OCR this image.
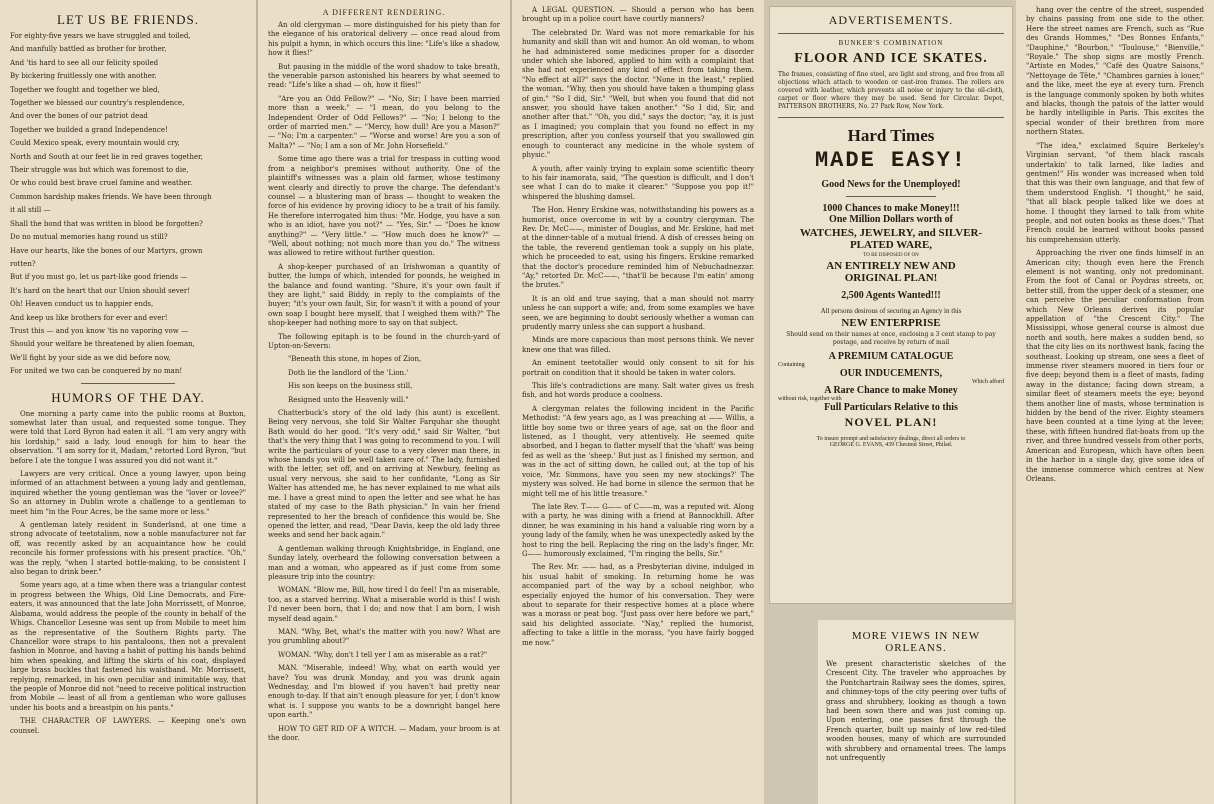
LET US BE FRIENDS.

For eighty-five years we have struggled and toiled,

And manfully battled as brother for brother,

And 'tis hard to see all our felicity spoiled

By bickering fruitlessly one with another.

Together we fought and together we bled,

Together we blessed our country's resplendence,

And over the bones of our patriot dead

Together we builded a grand Independence!

Could Mexico speak, every mountain would cry,

North and South at our feet lie in red graves together,

Their struggle was but which was foremost to die,

Or who could best brave cruel famine and weather.

Common hardship makes friends. We have been through

it all still —

Shall the bond that was written in blood be forgotten?

Do no mutual memories hang round us still?

Have our hearts, like the bones of our Martyrs, grown

rotten?

But if you must go, let us part-like good friends —

It's hard on the heart that our Union should sever!

Oh! Heaven conduct us to happier ends,

And keep us like brothers for ever and ever!

Trust this — and you know 'tis no vaporing vow —

Should your welfare be threatened by alien foeman,

We'll fight by your side as we did before now,

For united we two can be conquered by no man!

HUMORS OF THE DAY.

One morning a party came into the public rooms at Buxton, somewhat later than usual, and requested some tongue. They were told that Lord Byron had eaten it all. "I am very angry with his lordship," said a lady, loud enough for him to hear the observation. "I am sorry for it, Madam," retorted Lord Byron, "but before I ate the tongue I was assured you did not want it."

Lawyers are very critical. Once a young lawyer, upon being informed of an attachment between a young lady and gentleman, inquired whether the young gentleman was the "lover or lovee?" So an attorney in Dublin wrote a challenge to a gentleman to meet him "in the Four Acres, be the same more or less."

A gentleman lately resident in Sunderland, at one time a strong advocate of teetotalism, now a noble manufacturer not far off, was recently asked by an acquaintance how he could reconcile his former professions with his present practice. "Oh," was the reply, "when I started bottle-making, to be consistent I also began to drink beer."

Some years ago, at a time when there was a triangular contest in progress between the Whigs, Old Line Democrats, and Fire-eaters, it was announced that the late John Morrissett, of Monroe, Alabama, would address the people of the county in behalf of the Whigs. Chancellor Lesesne was sent up from Mobile to meet him as the representative of the Southern Rights party. The Chancellor wore straps to his pantaloons, then not a prevalent fashion in Monroe, and having a habit of putting his hands behind him when speaking, and lifting the skirts of his coat, displayed large brass buckles that fastened his waistband. Mr. Morrissett, replying, remarked, in his own peculiar and inimitable way, that the people of Monroe did not "need to receive political instruction from Mobile — least of all from a gentleman who wore galluses under his boots and a breastpin on his pants."

THE CHARACTER OF LAWYERS. — Keeping one's own counsel.

A DIFFERENT RENDERING.

An old clergyman — more distinguished for his piety than for the elegance of his oratorical delivery — once read aloud from his pulpit a hymn, in which occurs this line: "Life's like a shadow, how it flies!"

But pausing in the middle of the word shadow to take breath, the venerable parson astonished his hearers by what seemed to read: "Life's like a shad — oh, how it flies!"

"Are you an Odd Fellow?" — "No, Sir; I have been married more than a week." — "I mean, do you belong to the Independent Order of Odd Fellows?" — "No; I belong to the order of married men." — "Mercy, how dull! Are you a Mason?" — "No; I'm a carpenter." — "Worse and worse! Are you a son of Malta?" — "No; I am a son of Mr. John Horsefield."

Some time ago there was a trial for trespass in cutting wood from a neighbor's premises without authority. One of the plaintiff's witnesses was a plain old farmer, whose testimony went clearly and directly to prove the charge. The defendant's counsel — a blustering man of brass — thought to weaken the force of his evidence by proving idiocy to be a trait of his family. He therefore interrogated him thus: "Mr. Hodge, you have a son who is an idiot, have you not?" — "Yes, Sir." — "Does he know anything?" — "Very little." — "How much does he know?" — "Well, about nothing; not much more than you do." The witness was allowed to retire without further question.

A shop-keeper purchased of an Irishwoman a quantity of butter, the lumps of which, intended for pounds, he weighed in the balance and found wanting. "Shure, it's your own fault if they are light," said Biddy, in reply to the complaints of the buyer; "it's your own fault, Sir, for wasn't it with a pound of your own soap I bought here myself, that I weighed them with?" The shop-keeper had nothing more to say on that subject.

The following epitaph is to be found in the church-yard of Upton-on-Severn:

"Beneath this stone, in hopes of Zion,

Doth lie the landlord of the 'Lion.'

His son keeps on the business still,

Resigned unto the Heavenly will."

Chatterbuck's story of the old lady (his aunt) is excellent. Being very nervous, she told Sir Walter Farquhar she thought Bath would do her good. "It's very odd," said Sir Walter, "but that's the very thing that I was going to recommend to you. I will write the particulars of your case to a very clever man there, in whose hands you will be well taken care of." The lady, furnished with the letter, set off, and on arriving at Newbury, feeling as usual very nervous, she said to her confidante, "Long as Sir Walter has attended me, he has never explained to me what ails me. I have a great mind to open the letter and see what he has stated of my case to the Bath physician." In vain her friend represented to her the breach of confidence this would be. She opened the letter, and read, "Dear Davis, keep the old lady three weeks and send her back again."

A gentleman walking through Knightsbridge, in England, one Sunday lately, overheard the following conversation between a man and a woman, who appeared as if just come from some pleasure trip into the country:

WOMAN. "Blow me, Bill, how tired I do feel! I'm as miserable, too, as a starved herring. What a miserable world is this! I wish I'd never been born, that I do; and now that I am born, I wish myself dead again."

MAN. "Why, Bet, what's the matter with you now? What are you grumbling about?"

WOMAN. "Why, don't I tell yer I am as miserable as a rat?"

MAN. "Miserable, indeed! Why, what on earth would yer have? You was drunk Monday, and you was drunk again Wednesday, and I'm blowed if you haven't had pretty near enough to-day. If that ain't enough pleasure for yer, I don't know what is. I suppose you wants to be a downright bangel here upon earth."

HOW TO GET RID OF A WITCH. — Madam, your broom is at the door.

A LEGAL QUESTION. — Should a person who has been brought up in a police court have courtly manners?

The celebrated Dr. Ward was not more remarkable for his humanity and skill than wit and humor. An old woman, to whom he had administered some medicines proper for a disorder under which she labored, applied to him with a complaint that she had not experienced any kind of effect from taking them. "No effect at all?" says the doctor. "None in the least," replied the woman. "Why, then you should have taken a thumping glass of gin." "So I did, Sir." "Well, but when you found that did not answer, you should have taken another." "So I did, Sir, and another after that." "Oh, you did," says the doctor; "ay, it is just as I imagined; you complain that you found no effect in my prescription, after you confess yourself that you swallowed gin enough to counteract any medicine in the whole system of physic."

A youth, after vainly trying to explain some scientific theory to his fair inamorata, said, "The question is difficult, and I don't see what I can do to make it clearer." "Suppose you pop it!" whispered the blushing damsel.

The Hon. Henry Erskine was, notwithstanding his powers as a humorist, once overcome in wit by a country clergyman. The Rev. Dr. McC——, minister of Douglas, and Mr. Erskine, had met at the dinner-table of a mutual friend. A dish of cresses being on the table, the reverend gentleman took a supply on his plate, which he proceeded to eat, using his fingers. Erskine remarked that the doctor's procedure reminded him of Nebuchadnezzar. "Ay," retorted Dr. McC——, "that'll be because I'm eatin' among the brutes."

It is an old and true saying, that a man should not marry unless he can support a wife; and, from some examples we have seen, we are beginning to doubt seriously whether a woman can prudently marry unless she can support a husband.

Minds are more capacious than most persons think. We never knew one that was filled.

An eminent teetotaller would only consent to sit for his portrait on condition that it should be taken in water colors.

This life's contradictions are many. Salt water gives us fresh fish, and hot words produce a coolness.

A clergyman relates the following incident in the Pacific Methodist: "A few years ago, as I was preaching at —— Willis, a little boy some two or three years of age, sat on the floor and listened, as I thought, very attentively. He seemed quite absorbed, and I began to flatter myself that the 'shaft' was being fed as well as the 'sheep.' But just as I finished my sermon, and was in the act of sitting down, he called out, at the top of his voice, 'Mr. Simmons, have you seen my new stockings?' The mystery was solved. He had borne in silence the sermon that he might tell me of his little treasure."

The late Rev. T—— G—— of C——m, was a reputed wit. Along with a party, he was dining with a friend at Bannockhill. After dinner, he was examining in his hand a valuable ring worn by a young lady of the family, when he was unexpectedly asked by the host to ring the bell. Replacing the ring on the lady's finger, Mr. G—— humorously exclaimed, "I'm ringing the bells, Sir."

The Rev. Mr. —— had, as a Presbyterian divine, indulged in his usual habit of smoking. In returning home he was accompanied part of the way by a school neighbor, who especially enjoyed the humor of his conversation. They were about to separate for their respective homes at a place where was a morass or peat bog. "Just pass over here before we part," said his delighted associate. "Nay," replied the humorist, affecting to take a little in the morass, "you have fairly bogged me now."

ADVERTISEMENTS.
BUNKER'S COMBINATION
FLOOR AND ICE SKATES.

The frames, consisting of fine steel, are light and strong, and free from all objections which attach to wooden or cast-iron frames. The rollers are covered with leather, which prevents all noise or injury to the oil-cloth, carpet or floor where they may be used. Send for Circular. Depot, PATTERSON BROTHERS, No. 27 Park Row, New York.

Hard Times
MADE EASY!
Good News for the Unemployed!
1000 Chances to make Money!!!
One Million Dollars worth of
WATCHES, JEWELRY, and SILVER-
PLATED WARE,
TO BE DISPOSED OF ON
AN ENTIRELY NEW AND
ORIGINAL PLAN!
2,500 Agents Wanted!!!
All persons desirous of securing an Agency in this
NEW ENTERPRISE

Should send on their names at once, enclosing a 3 cent stamp to pay postage, and receive by return of mail

A PREMIUM CATALOGUE
Containing
OUR INDUCEMENTS,
Which afford
A Rare Chance to make Money
without risk, together with
Full Particulars Relative to this
NOVEL PLAN!
To insure prompt and satisfactory dealings, direct all orders to
GEORGE G. EVANS, 439 Chestnut Street, Philad.
MORE VIEWS IN NEW ORLEANS.

We present characteristic sketches of the Crescent City. The traveler who approaches by the Pontchartrain Railway sees the domes, spires, and chimney-tops of the city peering over tufts of grass and shrubbery, looking as though a town had been sown there and was just coming up. Upon entering, one passes first through the French quarter, built up mainly of low red-tiled wooden houses, many of which are surrounded with shrubbery and ornamental trees. The lamps not unfrequently

hang over the centre of the street, suspended by chains passing from one side to the other. Here the street names are French, such as "Rue des Grands Hommes," "Des Bonnes Enfants," "Dauphine," "Bourbon," "Toulouse," "Bienville," "Royale." The shop signs are mostly French. "Artiste en Modes," "Café des Quatre Saisons," "Nettoyage de Tête," "Chambres garnies à louer," and the like, meet the eye at every turn. French is the language commonly spoken by both whites and blacks, though the patois of the latter would be hardly intelligible in Paris. This excites the special wonder of their brethren from more northern States.

"The idea," exclaimed Squire Berkeley's Virginian servant, "of them black rascals undertakin' to talk larned, like ladies and gentmen!" His wonder was increased when told that this was their own language, and that few of them understood English. "I thought," he said, "that all black people talked like we does at home. I thought they larned to talk from white people, and not outen books as these does." That French could be learned without books passed his comprehension utterly.

Approaching the river one finds himself in an American city; though even here the French element is not wanting, only not predominant. From the foot of Canal or Poydras streets, or, better still, from the upper deck of a steamer, one can perceive the peculiar conformation from which New Orleans derives its popular appellation of "the Crescent City." The Mississippi, whose general course is almost due north and south, here makes a sudden bend, so that the city lies on its northwest bank, facing the southeast. Looking up stream, one sees a fleet of immense river steamers moored in tiers four or five deep; beyond them is a fleet of masts, fading away in the distance; facing down stream, a similar fleet of steamers meets the eye; beyond them another line of masts, whose termination is hidden by the bend of the river. Eighty steamers have been counted at a time lying at the levee; these, with fifteen hundred flat-boats from up the river, and three hundred vessels from other ports, American and European, which have often been in the harbor in a single day, give some idea of the immense commerce which centres at New Orleans.
